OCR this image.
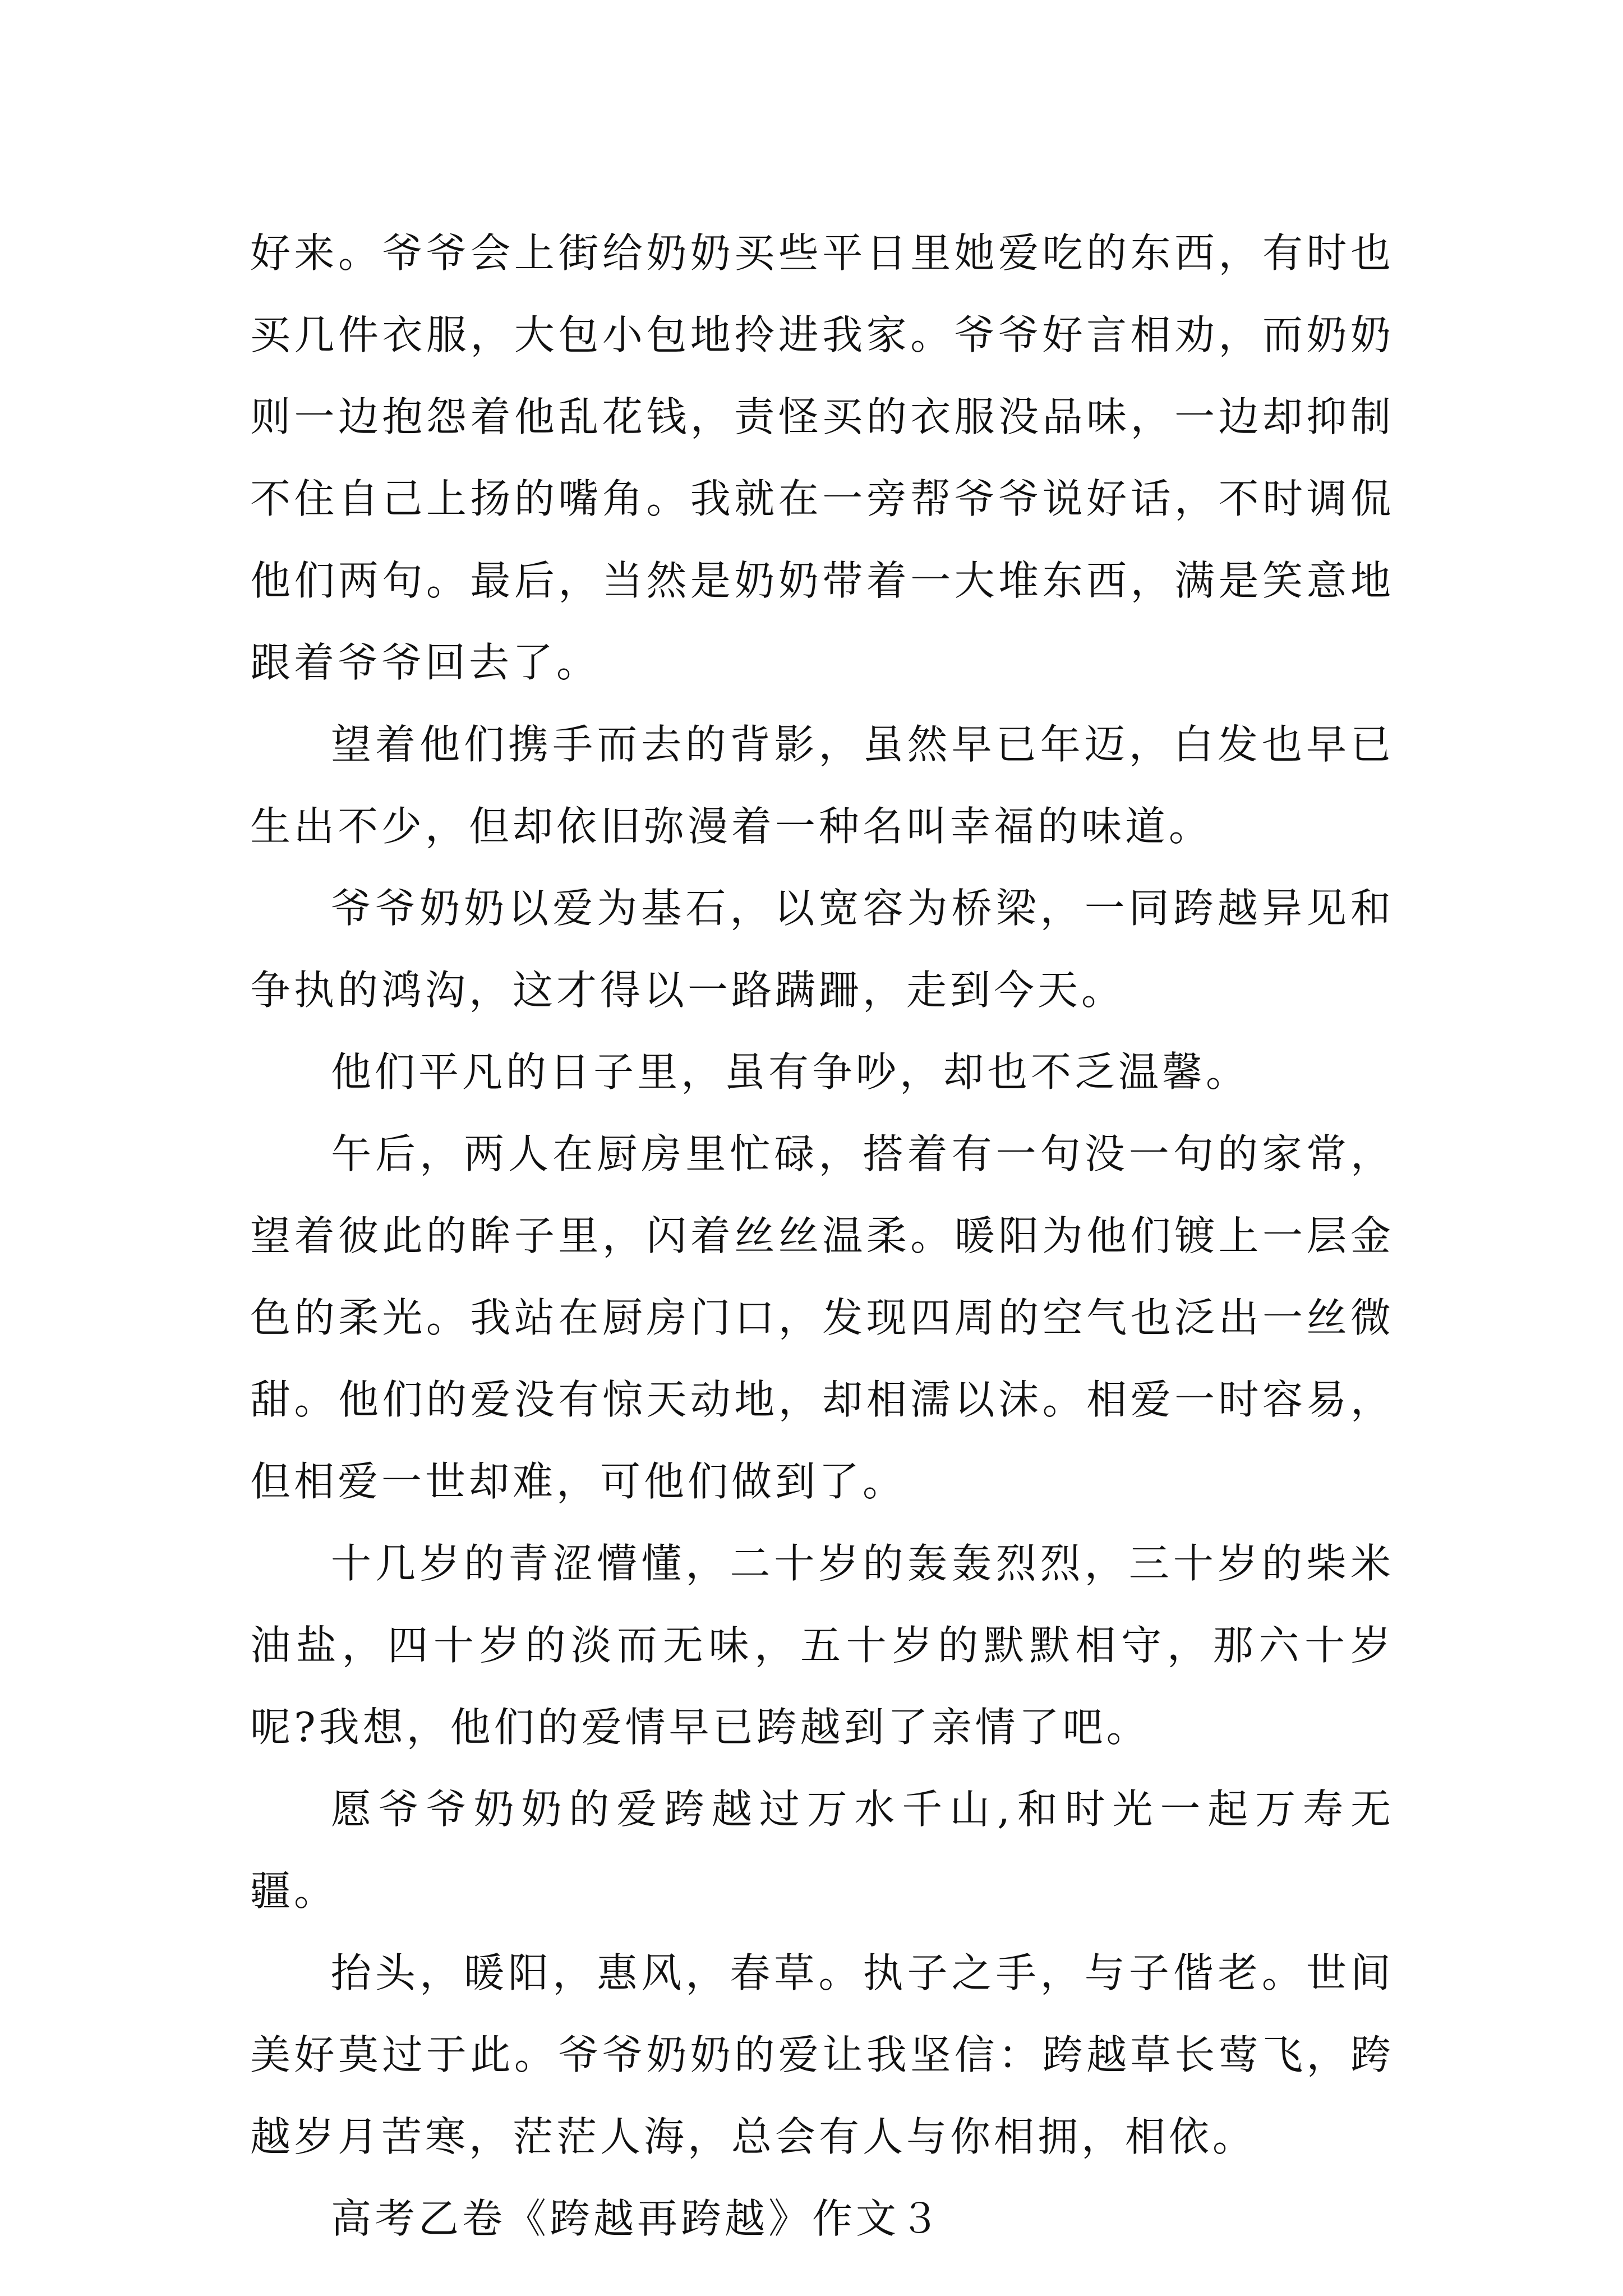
好来。爷爷会上街给奶奶买些平日里她爱吃的东西，有时也买几件衣服，大包小包地拎进我家。爷爷好言相劝，而奶奶则一边抱怨着他乱花钱，责怪买的衣服没品味，一边却抑制不住自己上扬的嘴角。我就在一旁帮爷爷说好话，不时调侃他们两句。最后，当然是奶奶带着一大堆东西，满是笑意地跟着爷爷回去了。

望着他们携手而去的背影，虽然早已年迈，白发也早已生出不少，但却依旧弥漫着一种名叫幸福的味道。

爷爷奶奶以爱为基石，以宽容为桥梁，一同跨越异见和争执的鸿沟，这才得以一路蹒跚，走到今天。

他们平凡的日子里，虽有争吵，却也不乏温馨。

午后，两人在厨房里忙碌，搭着有一句没一句的家常，望着彼此的眸子里，闪着丝丝温柔。暖阳为他们镀上一层金色的柔光。我站在厨房门口，发现四周的空气也泛出一丝微甜。他们的爱没有惊天动地，却相濡以沫。相爱一时容易，但相爱一世却难，可他们做到了。

十几岁的青涩懵懂，二十岁的轰轰烈烈，三十岁的柴米油盐，四十岁的淡而无味，五十岁的默默相守，那六十岁呢?我想，他们的爱情早已跨越到了亲情了吧。

愿爷爷奶奶的爱跨越过万水千山,和时光一起万寿无疆。

抬头，暖阳，惠风，春草。执子之手，与子偕老。世间美好莫过于此。爷爷奶奶的爱让我坚信：跨越草长莺飞，跨越岁月苦寒，茫茫人海，总会有人与你相拥，相依。

高考乙卷《跨越再跨越》作文３
